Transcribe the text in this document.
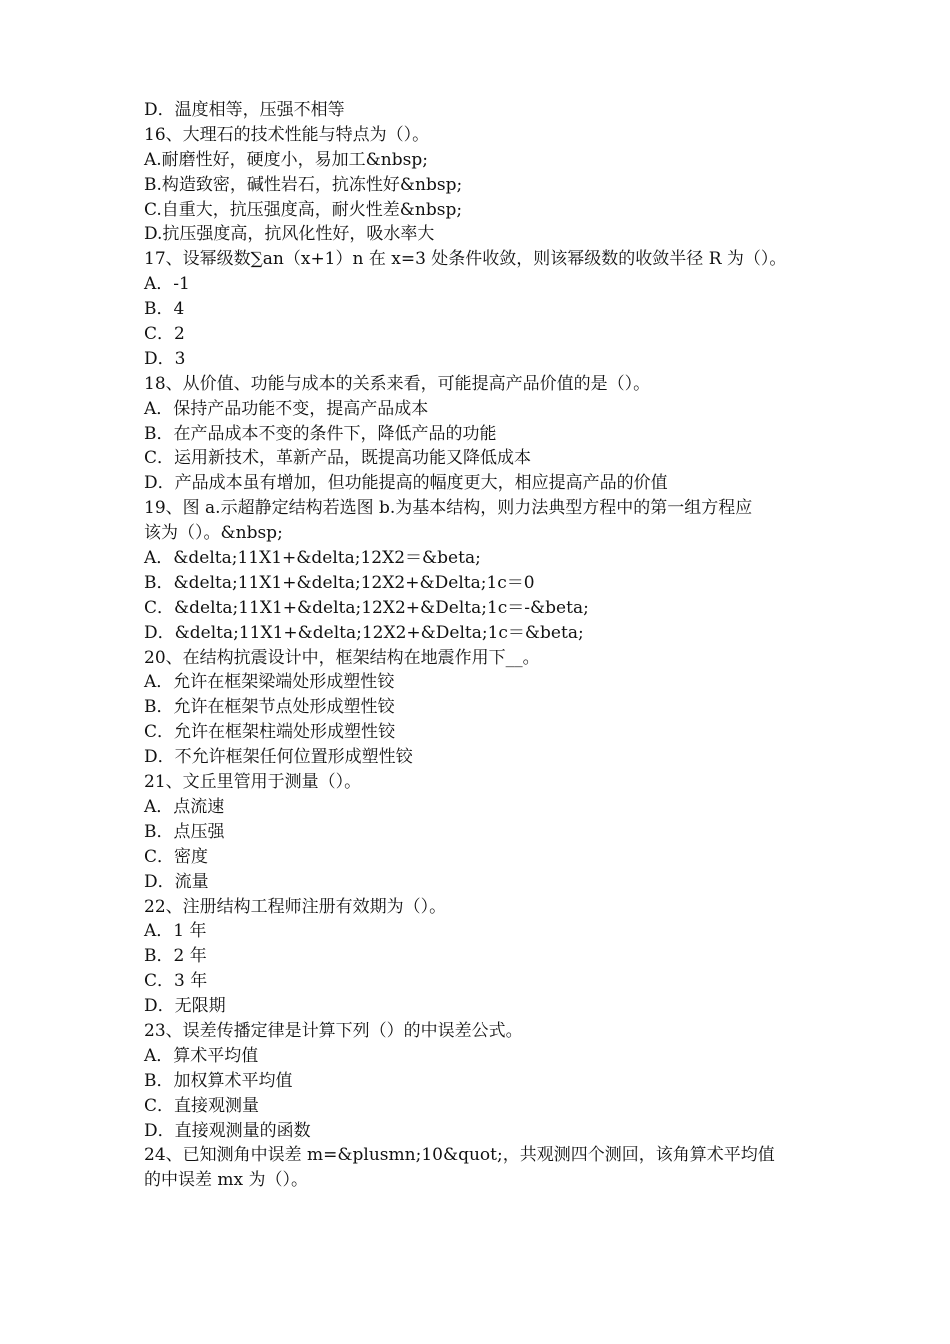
D．温度相等，压强不相等
16、大理石的技术性能与特点为（）。
A.耐磨性好，硬度小，易加工&nbsp;
B.构造致密，碱性岩石，抗冻性好&nbsp;
C.自重大，抗压强度高，耐火性差&nbsp;
D.抗压强度高，抗风化性好，吸水率大
17、设幂级数∑an（x+1）n 在 x=3 处条件收敛，则该幂级数的收敛半径 R 为（）。
A．-1
B．4
C．2
D．3
18、从价值、功能与成本的关系来看，可能提高产品价值的是（）。
A．保持产品功能不变，提高产品成本
B．在产品成本不变的条件下，降低产品的功能
C．运用新技术，革新产品，既提高功能又降低成本
D．产品成本虽有增加，但功能提高的幅度更大，相应提高产品的价值
19、图 a.示超静定结构若选图 b.为基本结构，则力法典型方程中的第一组方程应
该为（）。&nbsp;
A．&delta;11X1+&delta;12X2＝&beta;
B．&delta;11X1+&delta;12X2+&Delta;1c＝0
C．&delta;11X1+&delta;12X2+&Delta;1c＝-&beta;
D．&delta;11X1+&delta;12X2+&Delta;1c＝&beta;
20、在结构抗震设计中，框架结构在地震作用下__。
A．允许在框架梁端处形成塑性铰
B．允许在框架节点处形成塑性铰
C．允许在框架柱端处形成塑性铰
D．不允许框架任何位置形成塑性铰
21、文丘里管用于测量（）。
A．点流速
B．点压强
C．密度
D．流量
22、注册结构工程师注册有效期为（）。
A．1 年
B．2 年
C．3 年
D．无限期
23、误差传播定律是计算下列（）的中误差公式。
A．算术平均值
B．加权算术平均值
C．直接观测量
D．直接观测量的函数
24、已知测角中误差 m=&plusmn;10&quot;，共观测四个测回，该角算术平均值
的中误差 mx 为（）。
